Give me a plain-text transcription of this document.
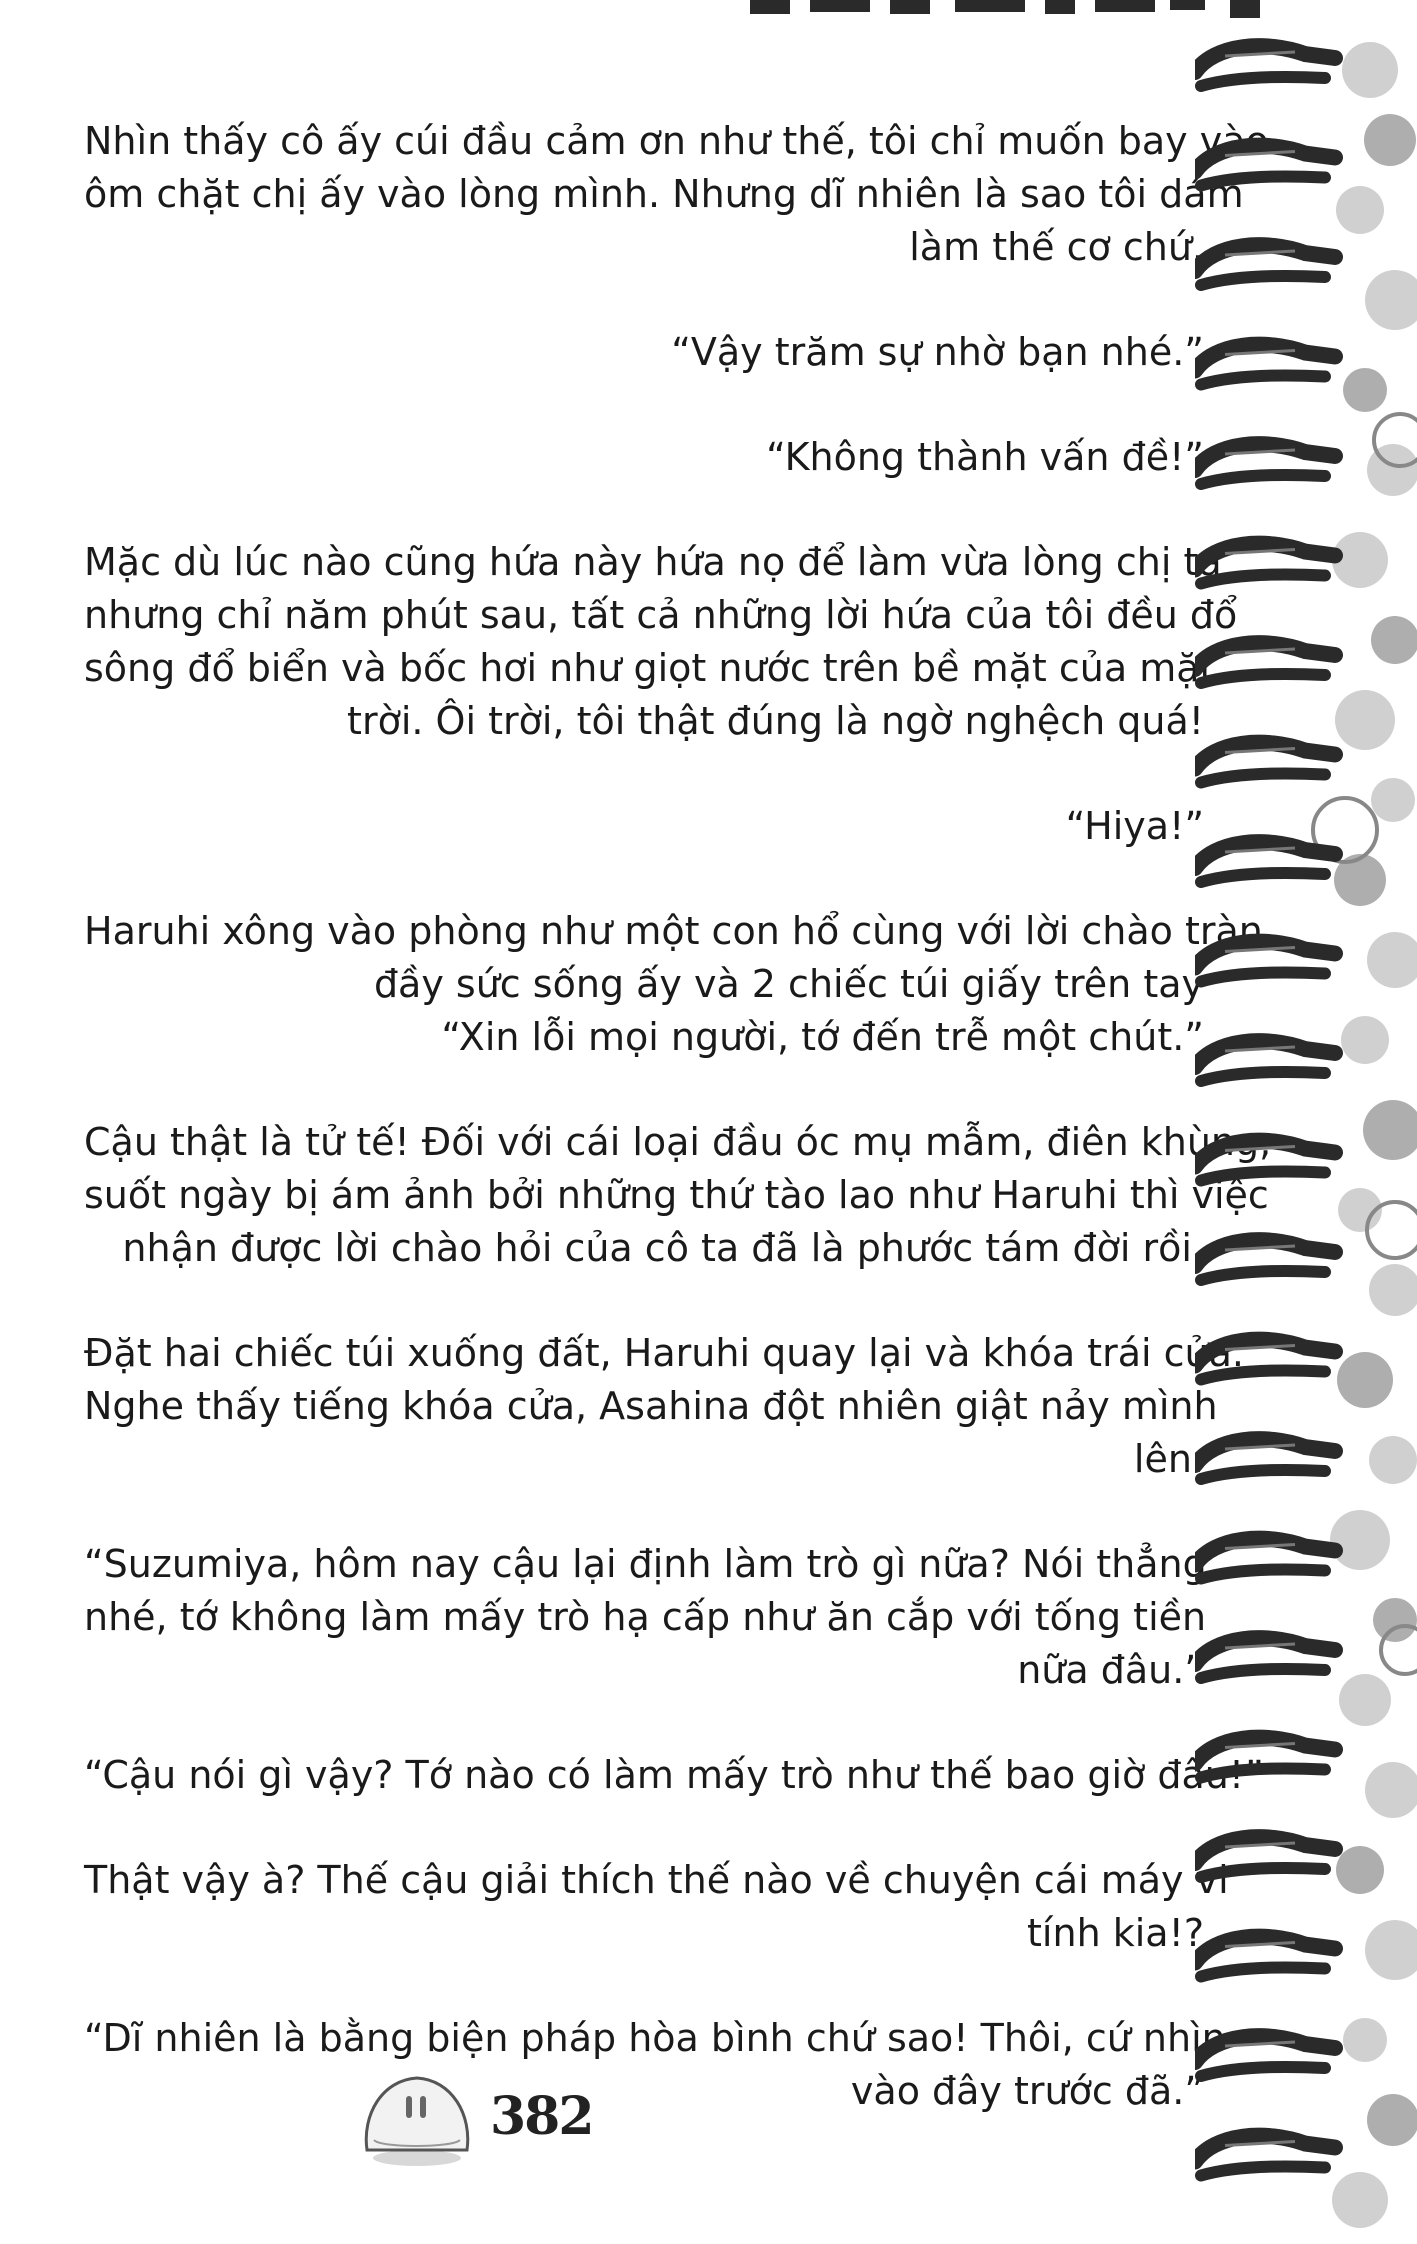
Nhìn thấy cô ấy cúi đầu cảm ơn như thế, tôi chỉ muốn bay vào
ôm chặt chị ấy vào lòng mình. Nhưng dĩ nhiên là sao tôi dám
làm thế cơ chứ.

“Vậy trăm sự nhờ bạn nhé.”

“Không thành vấn đề!”

Mặc dù lúc nào cũng hứa này hứa nọ để làm vừa lòng chị ta
nhưng chỉ năm phút sau, tất cả những lời hứa của tôi đều đổ
sông đổ biển và bốc hơi như giọt nước trên bề mặt của mặt
trời. Ôi trời, tôi thật đúng là ngờ nghệch quá!

“Hiya!”

Haruhi xông vào phòng như một con hổ cùng với lời chào tràn
đầy sức sống ấy và 2 chiếc túi giấy trên tay
“Xin lỗi mọi người, tớ đến trễ một chút.”

Cậu thật là tử tế! Đối với cái loại đầu óc mụ mẫm, điên khùng,
suốt ngày bị ám ảnh bởi những thứ tào lao như Haruhi thì việc
nhận được lời chào hỏi của cô ta đã là phước tám đời rồi.

Đặt hai chiếc túi xuống đất, Haruhi quay lại và khóa trái cửa.
Nghe thấy tiếng khóa cửa, Asahina đột nhiên giật nảy mình
lên.

“Suzumiya, hôm nay cậu lại định làm trò gì nữa? Nói thẳng
nhé, tớ không làm mấy trò hạ cấp như ăn cắp với tống tiền
nữa đâu.”

“Cậu nói gì vậy? Tớ nào có làm mấy trò như thế bao giờ đâu!”

Thật vậy à? Thế cậu giải thích thế nào về chuyện cái máy vi
tính kia!?

“Dĩ nhiên là bằng biện pháp hòa bình chứ sao! Thôi, cứ nhìn
vào đây trước đã.”

382
